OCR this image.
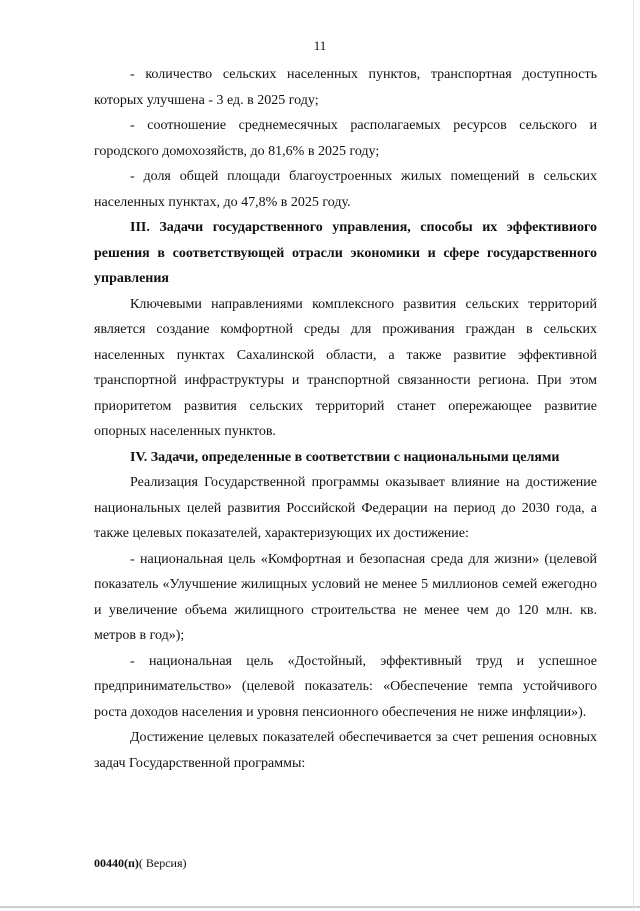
11

- количество сельских населенных пунктов, транспортная доступность которых улучшена - 3 ед. в 2025 году;

- соотношение среднемесячных располагаемых ресурсов сельского и городского домохозяйств, до 81,6% в 2025 году;

- доля общей площади благоустроенных жилых помещений в сельских населенных пунктах, до 47,8% в 2025 году.

III. Задачи государственного управления, способы их эффективиого решения в соответствующей отрасли экономики и сфере государственного управления

Ключевыми направлениями комплексного развития сельских территорий является создание комфортной среды для проживания граждан в сельских населенных пунктах Сахалинской области, а также развитие эффективной транспортной инфраструктуры и транспортной связанности региона. При этом приоритетом развития сельских территорий станет опережающее развитие опорных населенных пунктов.

IV. Задачи, определенные в соответствии с национальными целями

Реализация Государственной программы оказывает влияние на достижение национальных целей развития Российской Федерации на период до 2030 года, а также целевых показателей, характеризующих их достижение:

- национальная цель «Комфортная и безопасная среда для жизни» (целевой показатель «Улучшение жилищных условий не менее 5 миллионов семей ежегодно и увеличение объема жилищного строительства не менее чем до 120 млн. кв. метров в год»);

- национальная цель «Достойный, эффективный труд и успешное предпринимательство» (целевой показатель: «Обеспечение темпа устойчивого роста доходов населения и уровня пенсионного обеспечения не ниже инфляции»).

Достижение целевых показателей обеспечивается за счет решения основных задач Государственной программы:

00440(п)( Версия)
